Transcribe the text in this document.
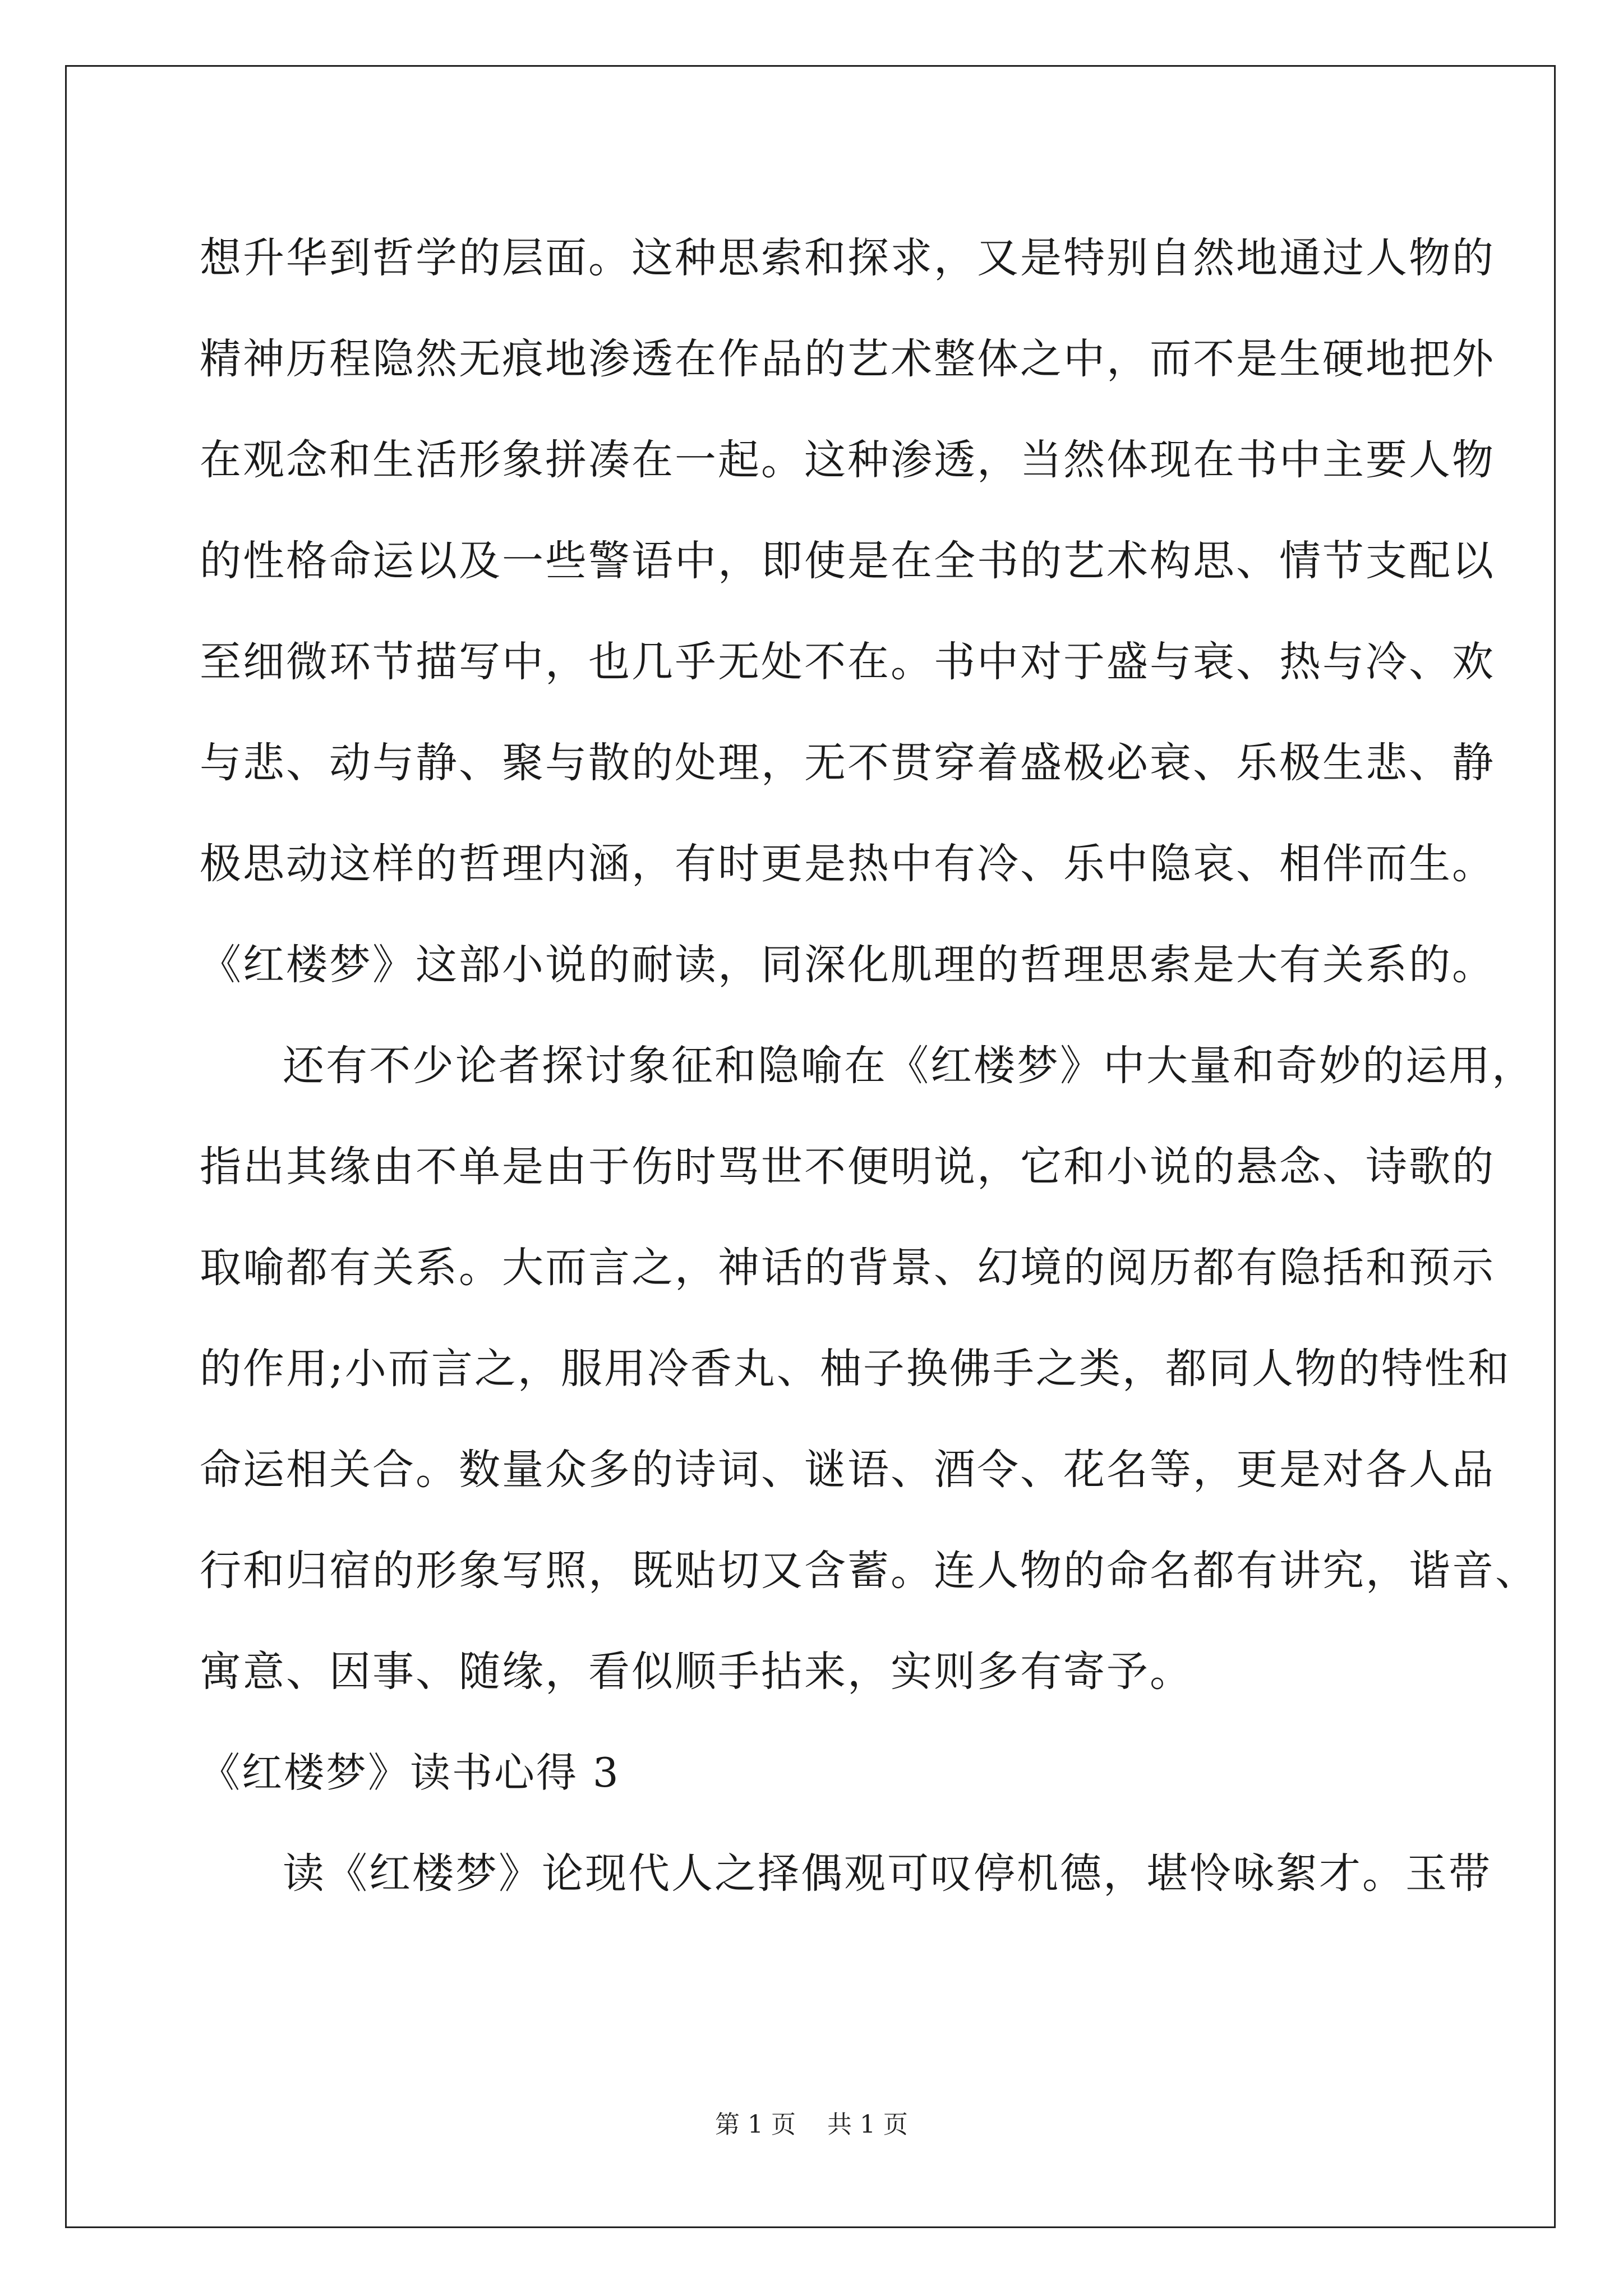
想升华到哲学的层面。这种思索和探求，又是特别自然地通过人物的
精神历程隐然无痕地渗透在作品的艺术整体之中，而不是生硬地把外
在观念和生活形象拼凑在一起。这种渗透，当然体现在书中主要人物
的性格命运以及一些警语中，即使是在全书的艺术构思、情节支配以
至细微环节描写中，也几乎无处不在。书中对于盛与衰、热与冷、欢
与悲、动与静、聚与散的处理，无不贯穿着盛极必衰、乐极生悲、静
极思动这样的哲理内涵，有时更是热中有冷、乐中隐哀、相伴而生。
《红楼梦》这部小说的耐读，同深化肌理的哲理思索是大有关系的。
还有不少论者探讨象征和隐喻在《红楼梦》中大量和奇妙的运用，
指出其缘由不单是由于伤时骂世不便明说，它和小说的悬念、诗歌的
取喻都有关系。大而言之，神话的背景、幻境的阅历都有隐括和预示
的作用;小而言之，服用冷香丸、柚子换佛手之类，都同人物的特性和
命运相关合。数量众多的诗词、谜语、酒令、花名等，更是对各人品
行和归宿的形象写照，既贴切又含蓄。连人物的命名都有讲究，谐音、
寓意、因事、随缘，看似顺手拈来，实则多有寄予。
《红楼梦》读书心得 3
读《红楼梦》论现代人之择偶观可叹停机德，堪怜咏絮才。玉带
第 1 页    共 1 页
